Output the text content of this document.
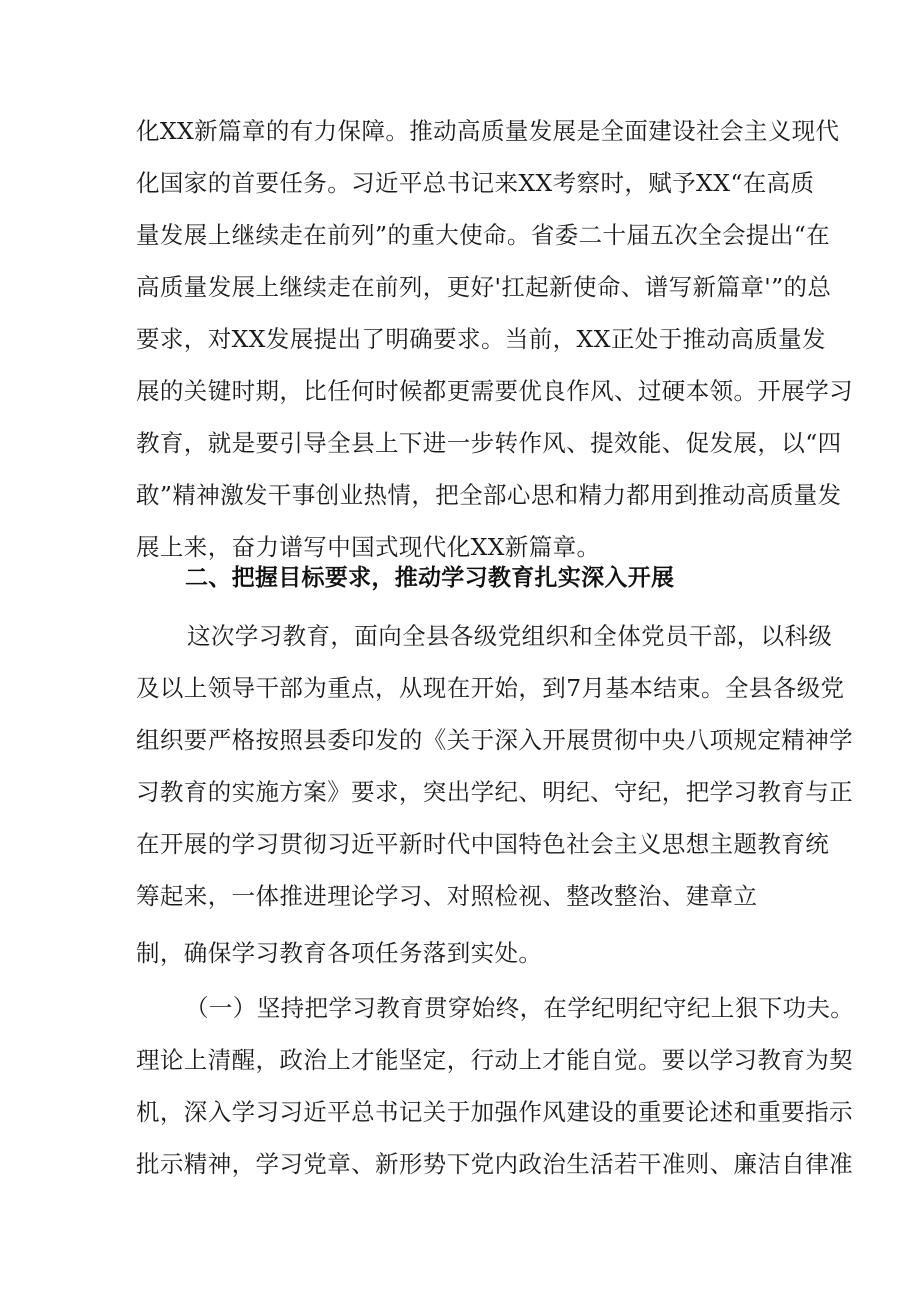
化XX新篇章的有力保障。推动高质量发展是全面建设社会主义现代
化国家的首要任务。习近平总书记来XX考察时，赋予XX“在高质
量发展上继续走在前列”的重大使命。省委二十届五次全会提出“在
高质量发展上继续走在前列，更好'扛起新使命、谱写新篇章'”的总
要求，对XX发展提出了明确要求。当前，XX正处于推动高质量发
展的关键时期，比任何时候都更需要优良作风、过硬本领。开展学习
教育，就是要引导全县上下进一步转作风、提效能、促发展，以“四
敢”精神激发干事创业热情，把全部心思和精力都用到推动高质量发
展上来，奋力谱写中国式现代化XX新篇章。
二、把握目标要求，推动学习教育扎实深入开展
这次学习教育，面向全县各级党组织和全体党员干部，以科级
及以上领导干部为重点，从现在开始，到7月基本结束。全县各级党
组织要严格按照县委印发的《关于深入开展贯彻中央八项规定精神学
习教育的实施方案》要求，突出学纪、明纪、守纪，把学习教育与正
在开展的学习贯彻习近平新时代中国特色社会主义思想主题教育统
筹起来，一体推进理论学习、对照检视、整改整治、建章立
制，确保学习教育各项任务落到实处。
（一）坚持把学习教育贯穿始终，在学纪明纪守纪上狠下功夫。
理论上清醒，政治上才能坚定，行动上才能自觉。要以学习教育为契
机，深入学习习近平总书记关于加强作风建设的重要论述和重要指示
批示精神，学习党章、新形势下党内政治生活若干准则、廉洁自律准
